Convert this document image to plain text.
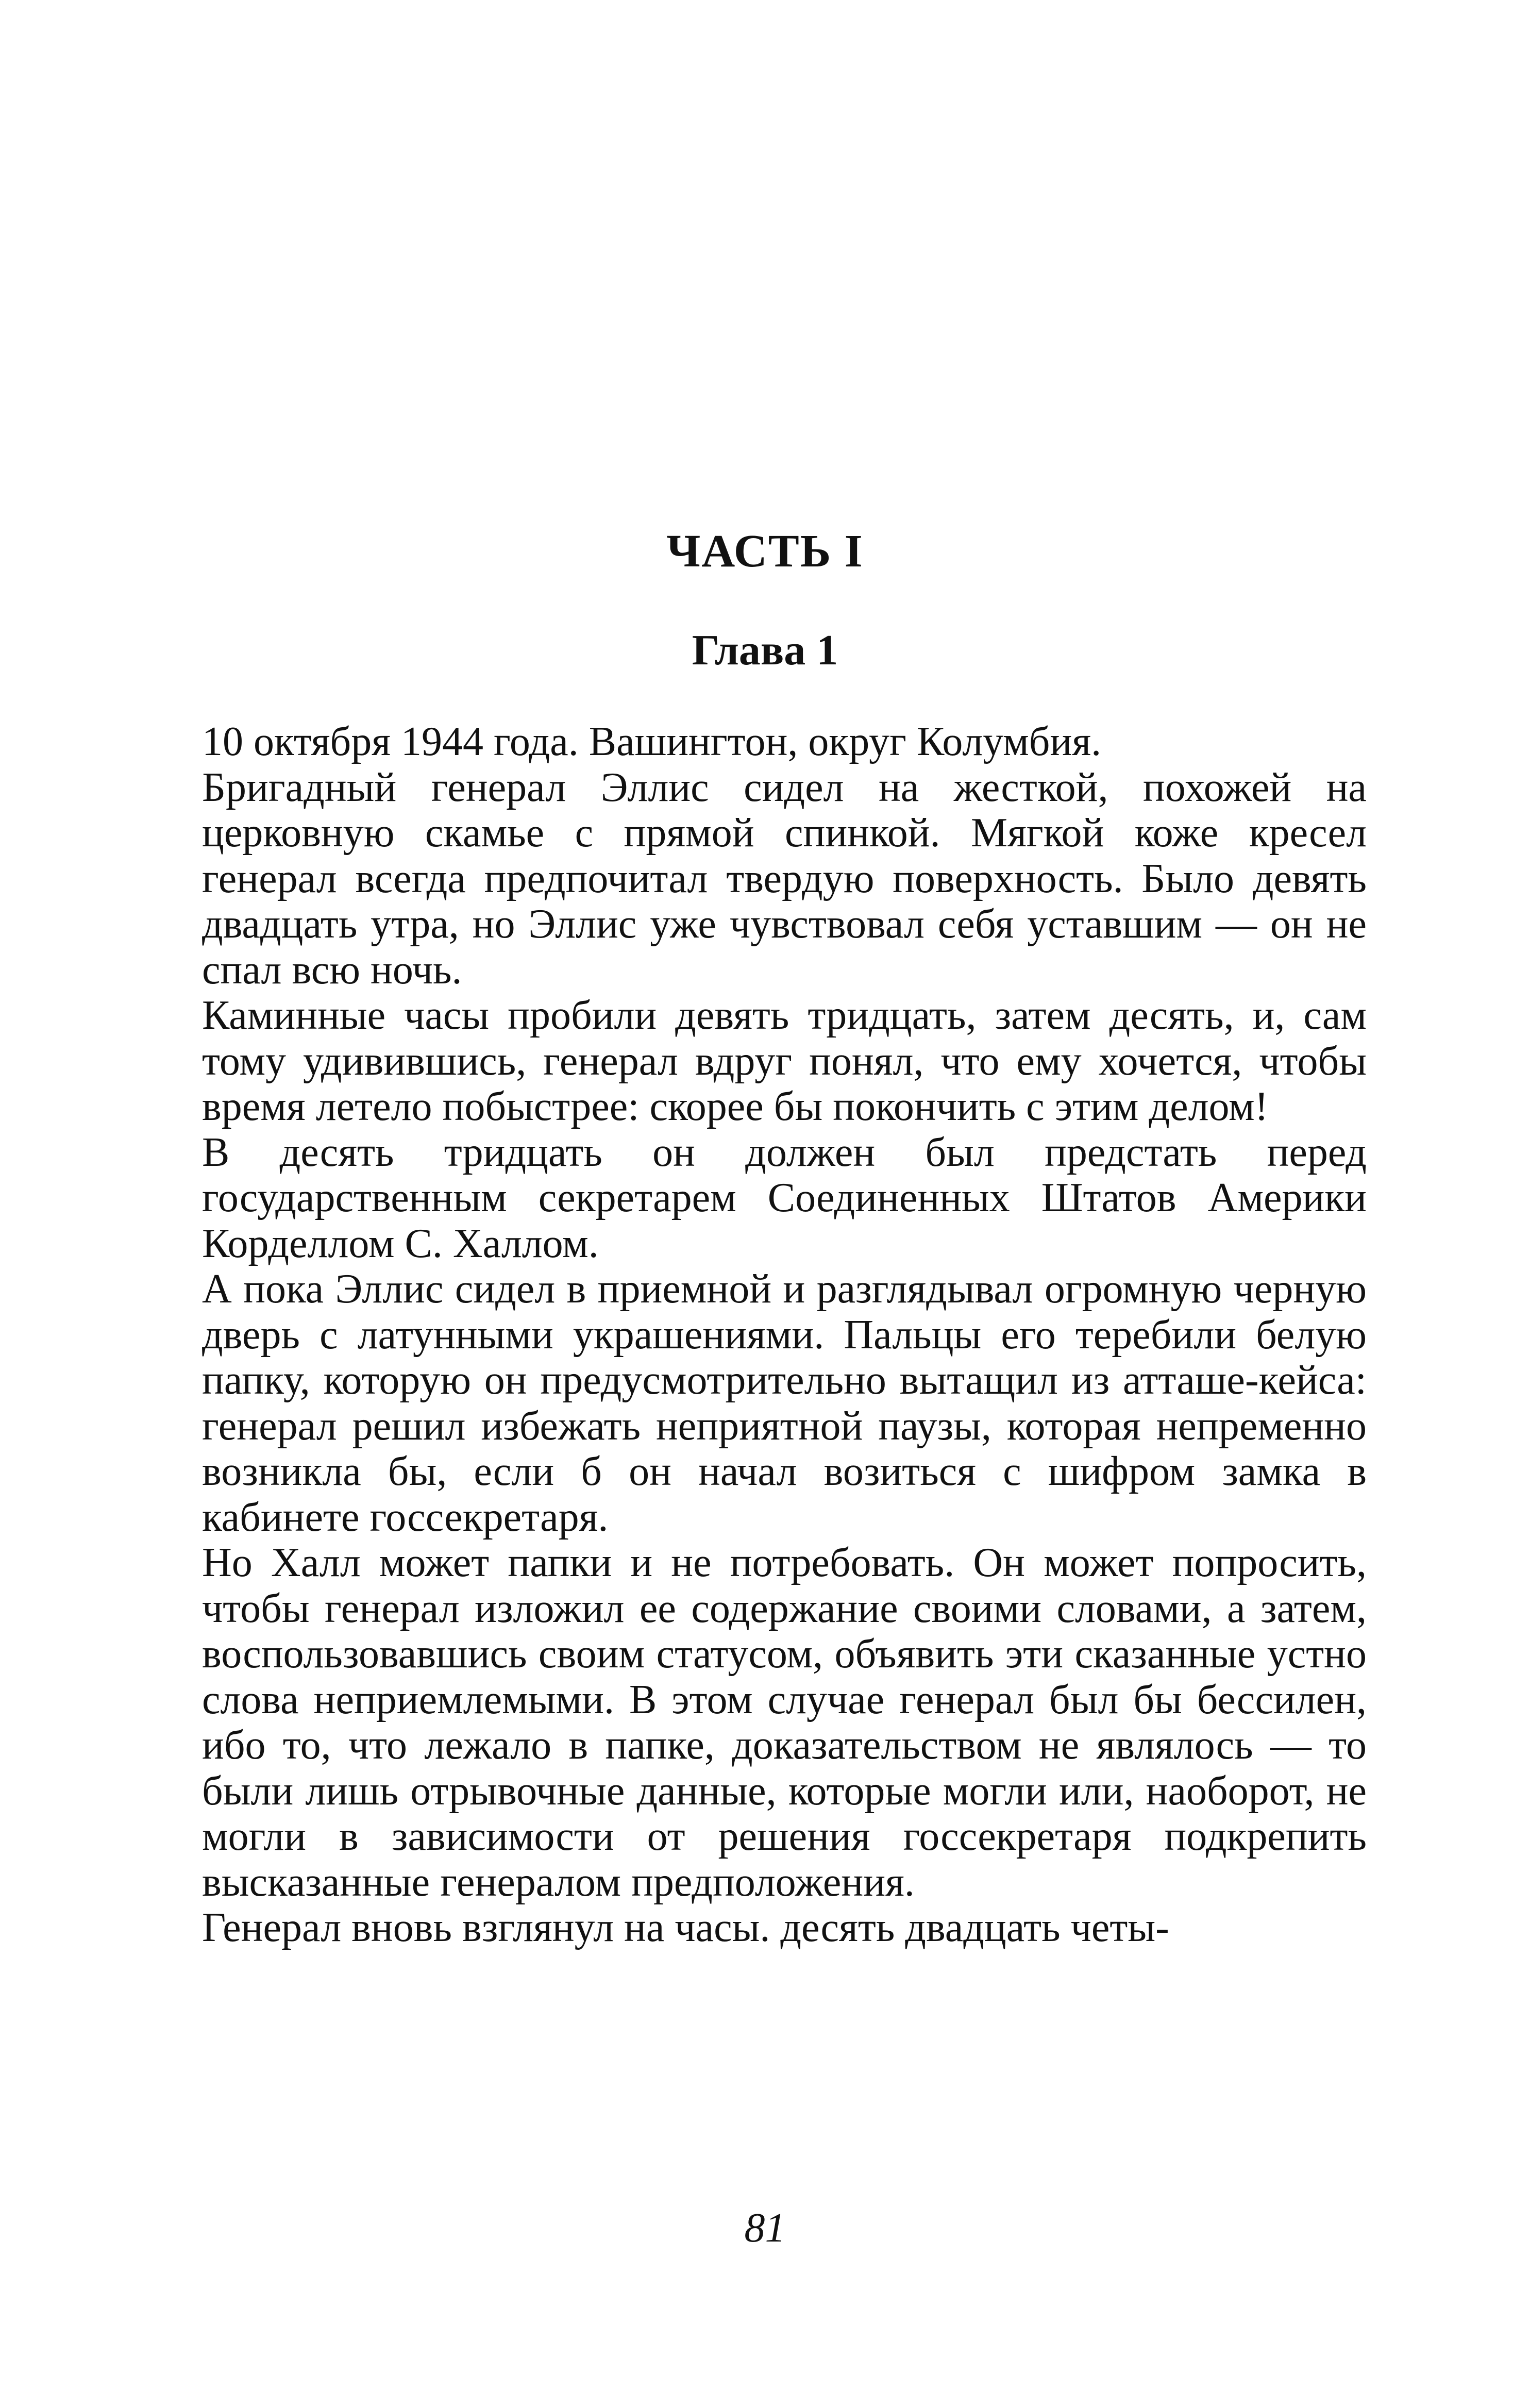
ЧАСТЬ I
Глава 1

10 октября 1944 года. Вашингтон, округ Колумбия.

Бригадный генерал Эллис сидел на жесткой, похожей на церковную скамье с прямой спинкой. Мягкой коже кресел генерал всегда предпочитал твердую поверхность. Было девять двадцать утра, но Эллис уже чувствовал себя уставшим — он не спал всю ночь.

Каминные часы пробили девять тридцать, затем десять, и, сам тому удивившись, генерал вдруг понял, что ему хочется, чтобы время летело побыстрее: скорее бы покончить с этим делом!

В десять тридцать он должен был предстать перед государственным секретарем Соединенных Штатов Америки Корделлом С. Халлом.

А пока Эллис сидел в приемной и разглядывал огромную черную дверь с латунными украшениями. Пальцы его теребили белую папку, которую он предусмотрительно вытащил из атташе-кейса: генерал решил избежать неприятной паузы, которая непременно возникла бы, если б он начал возиться с шифром замка в кабинете госсекретаря.

Но Халл может папки и не потребовать. Он может попросить, чтобы генерал изложил ее содержание своими словами, а затем, воспользовавшись своим статусом, объявить эти сказанные устно слова неприемлемыми. В этом случае генерал был бы бессилен, ибо то, что лежало в папке, доказательством не являлось — то были лишь отрывочные данные, которые могли или, наоборот, не могли в зависимости от решения госсекретаря подкрепить высказанные генералом предположения.

Генерал вновь взглянул на часы. десять двадцать четы-

81
